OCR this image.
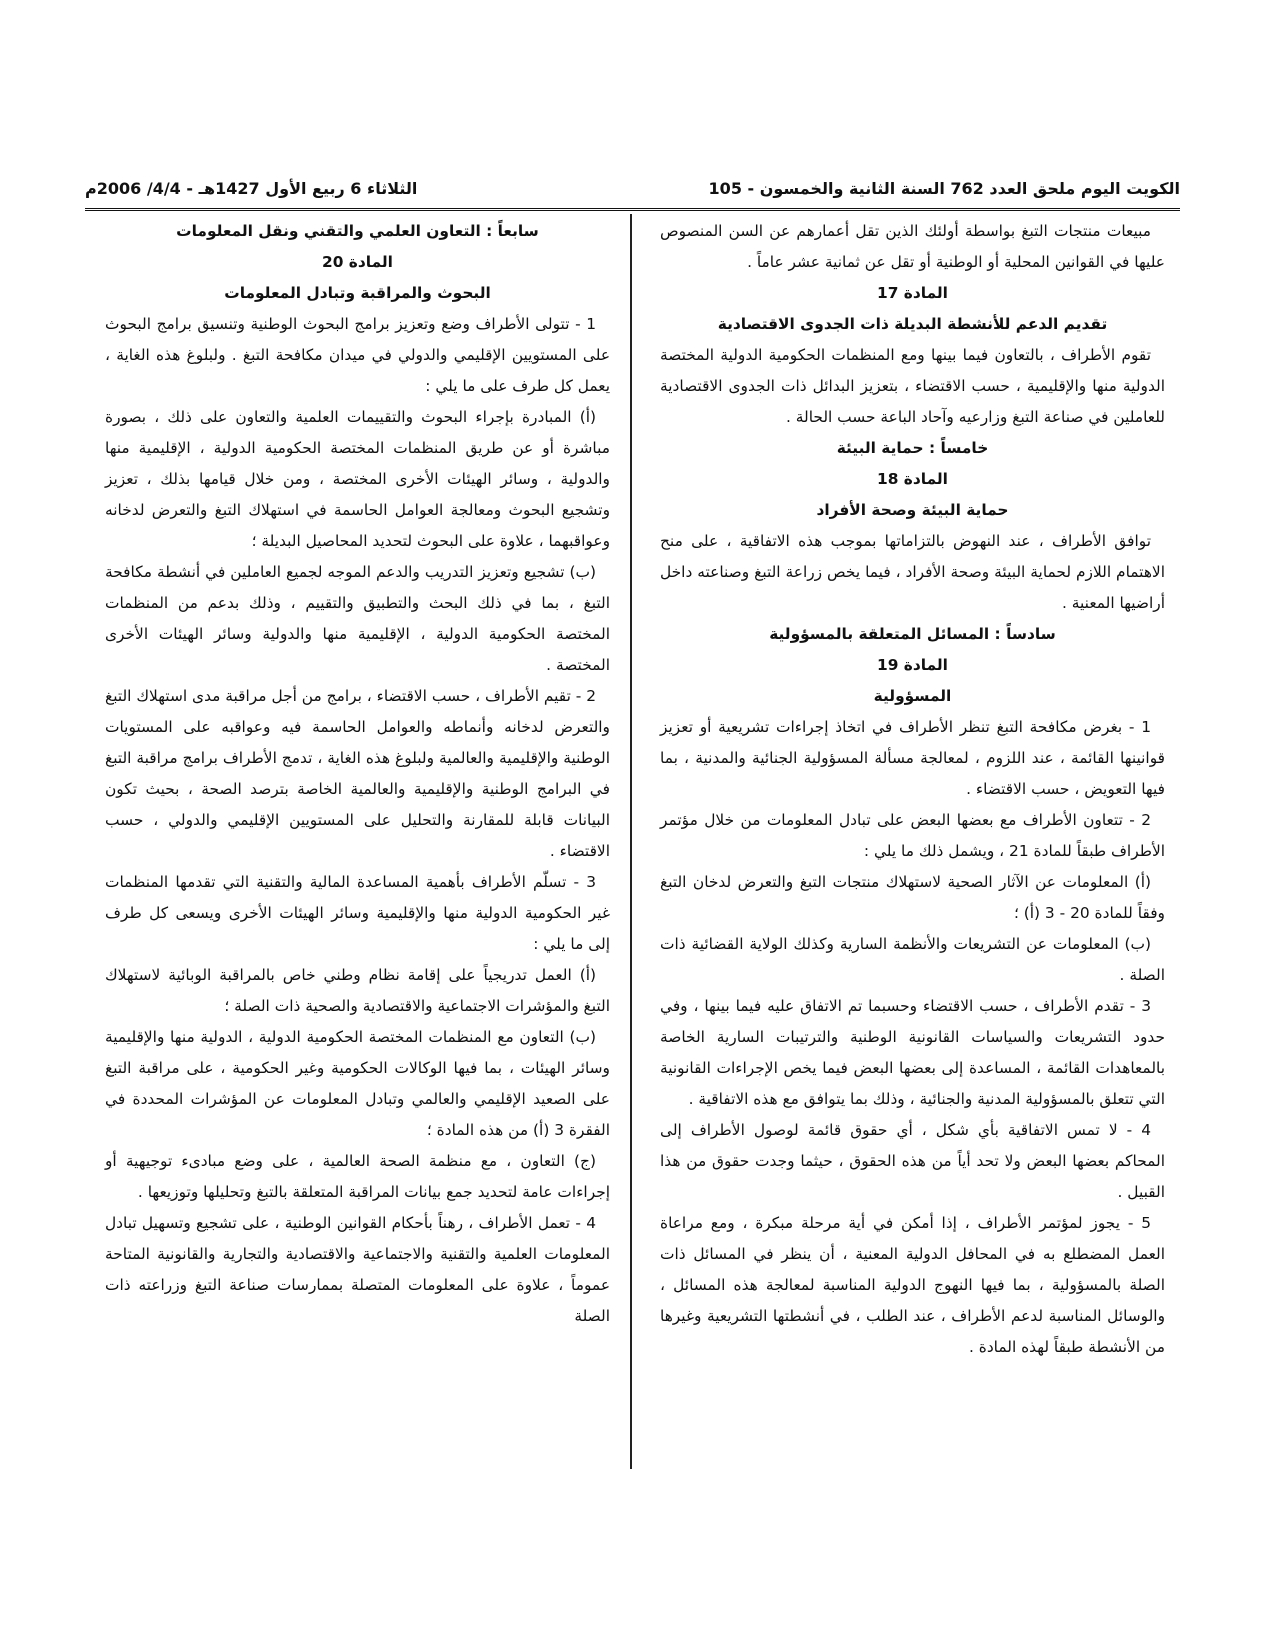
الكويت اليوم ملحق العدد 762 السنة الثانية والخمسون - 105
الثلاثاء 6 ربيع الأول 1427هـ - 4/4/ 2006م

مبيعات منتجات التبغ بواسطة أولئك الذين تقل أعمارهم عن السن المنصوص عليها في القوانين المحلية أو الوطنية أو تقل عن ثمانية عشر عاماً .

المادة 17

تقديم الدعم للأنشطة البديلة ذات الجدوى الاقتصادية

تقوم الأطراف ، بالتعاون فيما بينها ومع المنظمات الحكومية الدولية المختصة الدولية منها والإقليمية ، حسب الاقتضاء ، بتعزيز البدائل ذات الجدوى الاقتصادية للعاملين في صناعة التبغ وزارعيه وآحاد الباعة حسب الحالة .

خامساً : حماية البيئة

المادة 18

حماية البيئة وصحة الأفراد

توافق الأطراف ، عند النهوض بالتزاماتها بموجب هذه الاتفاقية ، على منح الاهتمام اللازم لحماية البيئة وصحة الأفراد ، فيما يخص زراعة التبغ وصناعته داخل أراضيها المعنية .

سادساً : المسائل المتعلقة بالمسؤولية

المادة 19

المسؤولية

1 - بغرض مكافحة التبغ تنظر الأطراف في اتخاذ إجراءات تشريعية أو تعزيز قوانينها القائمة ، عند اللزوم ، لمعالجة مسألة المسؤولية الجنائية والمدنية ، بما فيها التعويض ، حسب الاقتضاء .

2 - تتعاون الأطراف مع بعضها البعض على تبادل المعلومات من خلال مؤتمر الأطراف طبقاً للمادة 21 ، ويشمل ذلك ما يلي :

(أ) المعلومات عن الآثار الصحية لاستهلاك منتجات التبغ والتعرض لدخان التبغ وفقاً للمادة 20 - 3 (أ) ؛

(ب) المعلومات عن التشريعات والأنظمة السارية وكذلك الولاية القضائية ذات الصلة .

3 - تقدم الأطراف ، حسب الاقتضاء وحسبما تم الاتفاق عليه فيما بينها ، وفي حدود التشريعات والسياسات القانونية الوطنية والترتيبات السارية الخاصة بالمعاهدات القائمة ، المساعدة إلى بعضها البعض فيما يخص الإجراءات القانونية التي تتعلق بالمسؤولية المدنية والجنائية ، وذلك بما يتوافق مع هذه الاتفاقية .

4 - لا تمس الاتفاقية بأي شكل ، أي حقوق قائمة لوصول الأطراف إلى المحاكم بعضها البعض ولا تحد أياً من هذه الحقوق ، حيثما وجدت حقوق من هذا القبيل .

5 - يجوز لمؤتمر الأطراف ، إذا أمكن في أية مرحلة مبكرة ، ومع مراعاة العمل المضطلع به في المحافل الدولية المعنية ، أن ينظر في المسائل ذات الصلة بالمسؤولية ، بما فيها النهوج الدولية المناسبة لمعالجة هذه المسائل ، والوسائل المناسبة لدعم الأطراف ، عند الطلب ، في أنشطتها التشريعية وغيرها من الأنشطة طبقاً لهذه المادة .

سابعاً : التعاون العلمي والتقني ونقل المعلومات

المادة 20

البحوث والمراقبة وتبادل المعلومات

1 - تتولى الأطراف وضع وتعزيز برامج البحوث الوطنية وتنسيق برامج البحوث على المستويين الإقليمي والدولي في ميدان مكافحة التبغ . ولبلوغ هذه الغاية ، يعمل كل طرف على ما يلي :

(أ) المبادرة بإجراء البحوث والتقييمات العلمية والتعاون على ذلك ، بصورة مباشرة أو عن طريق المنظمات المختصة الحكومية الدولية ، الإقليمية منها والدولية ، وسائر الهيئات الأخرى المختصة ، ومن خلال قيامها بذلك ، تعزيز وتشجيع البحوث ومعالجة العوامل الحاسمة في استهلاك التبغ والتعرض لدخانه وعواقبهما ، علاوة على البحوث لتحديد المحاصيل البديلة ؛

(ب) تشجيع وتعزيز التدريب والدعم الموجه لجميع العاملين في أنشطة مكافحة التبغ ، بما في ذلك البحث والتطبيق والتقييم ، وذلك بدعم من المنظمات المختصة الحكومية الدولية ، الإقليمية منها والدولية وسائر الهيئات الأخرى المختصة .

2 - تقيم الأطراف ، حسب الاقتضاء ، برامج من أجل مراقبة مدى استهلاك التبغ والتعرض لدخانه وأنماطه والعوامل الحاسمة فيه وعواقبه على المستويات الوطنية والإقليمية والعالمية ولبلوغ هذه الغاية ، تدمج الأطراف برامج مراقبة التبغ في البرامج الوطنية والإقليمية والعالمية الخاصة بترصد الصحة ، بحيث تكون البيانات قابلة للمقارنة والتحليل على المستويين الإقليمي والدولي ، حسب الاقتضاء .

3 - تسلّم الأطراف بأهمية المساعدة المالية والتقنية التي تقدمها المنظمات غير الحكومية الدولية منها والإقليمية وسائر الهيئات الأخرى ويسعى كل طرف إلى ما يلي :

(أ) العمل تدريجياً على إقامة نظام وطني خاص بالمراقبة الوبائية لاستهلاك التبغ والمؤشرات الاجتماعية والاقتصادية والصحية ذات الصلة ؛

(ب) التعاون مع المنظمات المختصة الحكومية الدولية ، الدولية منها والإقليمية وسائر الهيئات ، بما فيها الوكالات الحكومية وغير الحكومية ، على مراقبة التبغ على الصعيد الإقليمي والعالمي وتبادل المعلومات عن المؤشرات المحددة في الفقرة 3 (أ) من هذه المادة ؛

(ج) التعاون ، مع منظمة الصحة العالمية ، على وضع مبادىء توجيهية أو إجراءات عامة لتحديد جمع بيانات المراقبة المتعلقة بالتبغ وتحليلها وتوزيعها .

4 - تعمل الأطراف ، رهناً بأحكام القوانين الوطنية ، على تشجيع وتسهيل تبادل المعلومات العلمية والتقنية والاجتماعية والاقتصادية والتجارية والقانونية المتاحة عموماً ، علاوة على المعلومات المتصلة بممارسات صناعة التبغ وزراعته ذات الصلة
